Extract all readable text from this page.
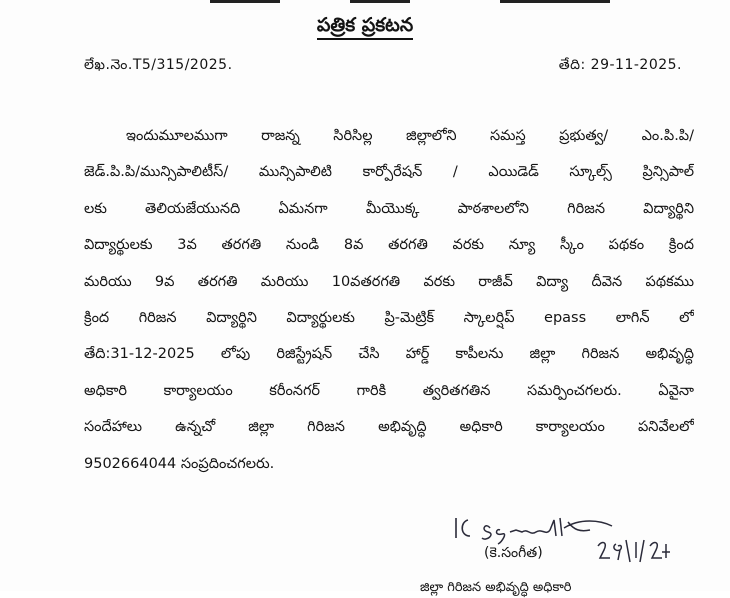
పత్రిక ప్రకటన
లేఖ.నెం.T5/315/2025.	తేది: 29-11-2025.
ఇందుమూలముగా రాజన్న సిరిసిల్ల జిల్లాలోని సమస్త ప్రభుత్వ/ ఎం.పి.పి/
జెడ్.పి.పి/మున్సిపాలిటీస్/ మున్సిపాలిటి కార్పోరేషన్ / ఎయిడెడ్ స్కూల్స్ ప్రిన్సిపాల్
లకు తెలియజేయునది ఏమనగా మీయొక్క పాఠశాలలోని గిరిజన విద్యార్థిని
విద్యార్థులకు 3వ తరగతి నుండి 8వ తరగతి వరకు న్యూ స్కీం పథకం క్రింద
మరియు 9వ తరగతి మరియు 10వతరగతి వరకు రాజీవ్ విద్యా దీవెన పథకము
క్రింద గిరిజన విద్యార్థిని విద్యార్థులకు ప్రి-మెట్రిక్ స్కాలర్షిప్ epass లాగిన్ లో
తేది:31-12-2025 లోపు రిజిస్ట్రేషన్ చేసి హార్డ్ కాపీలను జిల్లా గిరిజన అభివృద్ధి
అధికారి కార్యాలయం కరీంనగర్ గారికి త్వరితగతిన సమర్పించగలరు. ఏవైనా
సందేహాలు ఉన్నచో జిల్లా గిరిజన అభివృద్ధి అధికారి కార్యాలయం పనివేలలో
9502664044 సంప్రదించగలరు.
(కె.సంగీత)
జిల్లా గిరిజన అభివృద్ధి అధికారి
